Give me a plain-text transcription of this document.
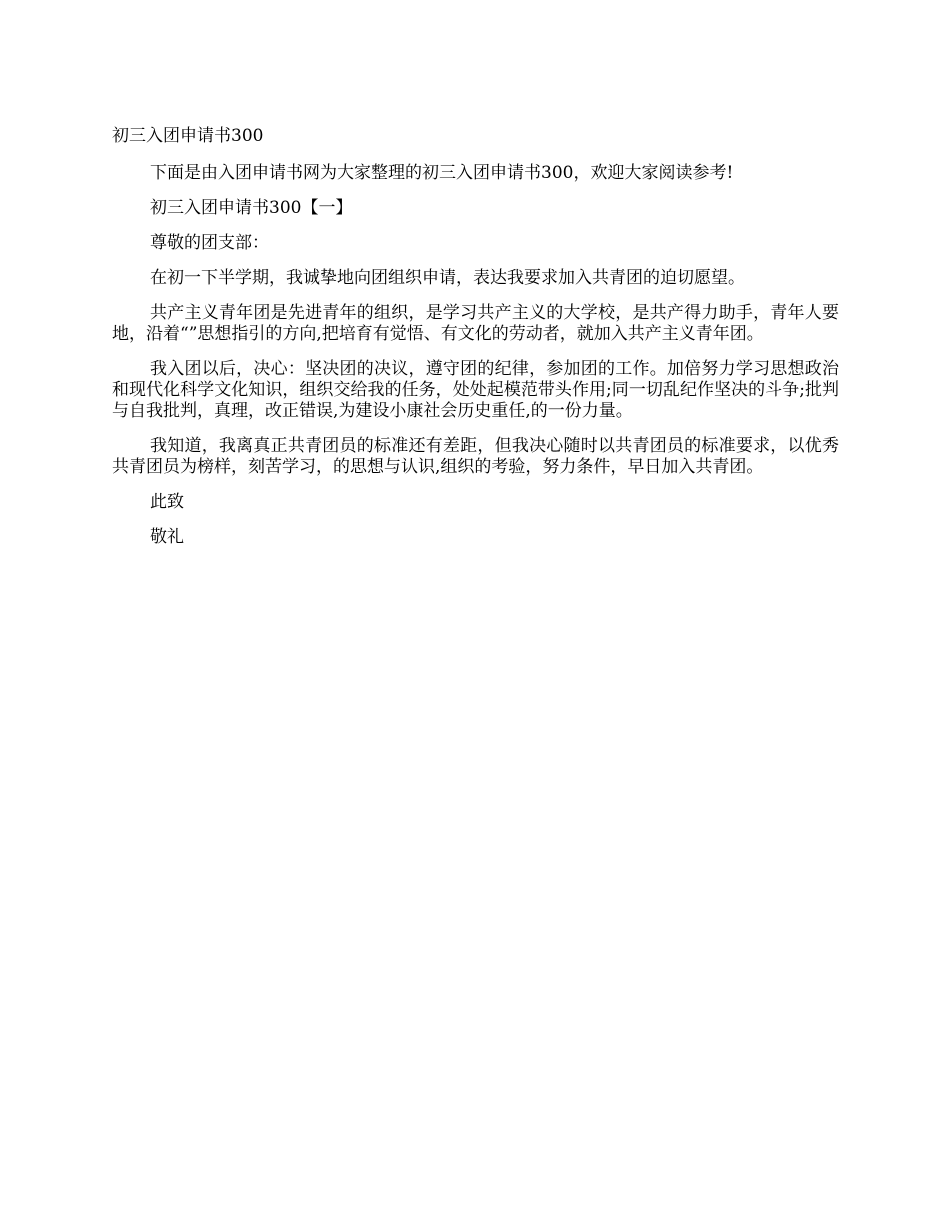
初三入团申请书300

下面是由入团申请书网为大家整理的初三入团申请书300，欢迎大家阅读参考!

初三入团申请书300【一】

尊敬的团支部：

在初一下半学期，我诚挚地向团组织申请，表达我要求加入共青团的迫切愿望。

共产主义青年团是先进青年的组织，是学习共产主义的大学校，是共产得力助手，青年人要地，沿着“”思想指引的方向,把培育有觉悟、有文化的劳动者，就加入共产主义青年团。

我入团以后，决心：坚决团的决议，遵守团的纪律，参加团的工作。加倍努力学习思想政治和现代化科学文化知识，组织交给我的任务，处处起模范带头作用;同一切乱纪作坚决的斗争;批判与自我批判，真理，改正错误,为建设小康社会历史重任,的一份力量。

我知道，我离真正共青团员的标准还有差距，但我决心随时以共青团员的标准要求，以优秀共青团员为榜样，刻苦学习，的思想与认识,组织的考验，努力条件，早日加入共青团。

此致

敬礼
